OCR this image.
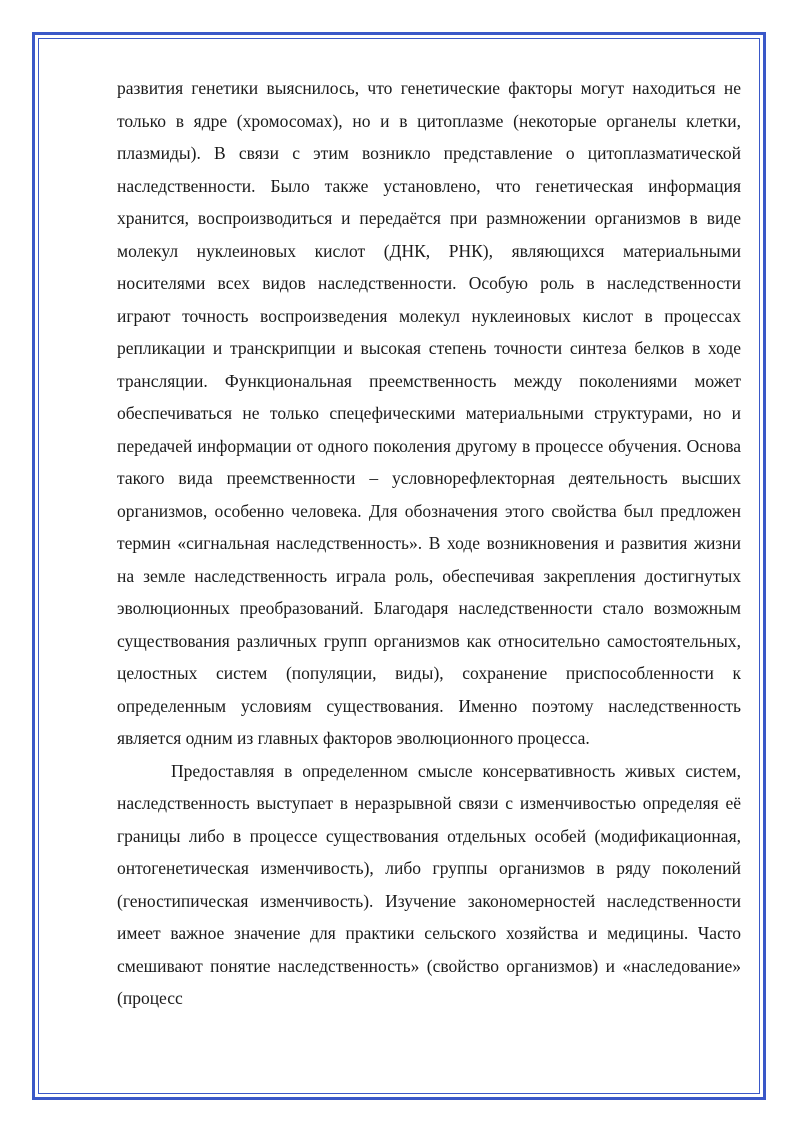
развития генетики выяснилось, что генетические факторы могут находиться не только в ядре (хромосомах), но и в цитоплазме (некоторые органелы клетки, плазмиды). В связи с этим возникло представление о цитоплазматической наследственности. Было также установлено, что генетическая информация хранится, воспроизводиться и передаётся при размножении организмов в виде молекул нуклеиновых кислот (ДНК, РНК), являющихся материальными носителями всех видов наследственности. Особую роль в наследственности играют точность воспроизведения молекул нуклеиновых кислот в процессах репликации и транскрипции и высокая степень точности синтеза белков в ходе трансляции. Функциональная преемственность между поколениями может обеспечиваться не только спецефическими материальными структурами, но и передачей информации от одного поколения другому в процессе обучения. Основа такого вида преемственности – условнорефлекторная деятельность высших организмов, особенно человека. Для обозначения этого свойства был предложен термин «сигнальная наследственность». В ходе возникновения и развития жизни на земле наследственность играла роль, обеспечивая закрепления достигнутых эволюционных преобразований. Благодаря наследственности стало возможным существования различных групп организмов как относительно самостоятельных, целостных систем (популяции, виды), сохранение приспособленности к определенным условиям существования. Именно поэтому наследственность является одним из главных факторов эволюционного процесса.

Предоставляя в определенном смысле консервативность живых систем, наследственность выступает в неразрывной связи с изменчивостью определяя её границы либо в процессе существования отдельных особей (модификационная, онтогенетическая изменчивость), либо группы организмов в ряду поколений (геностипическая изменчивость). Изучение закономерностей наследственности имеет важное значение для практики сельского хозяйства и медицины. Часто смешивают понятие наследственность» (свойство организмов) и «наследование» (процесс
